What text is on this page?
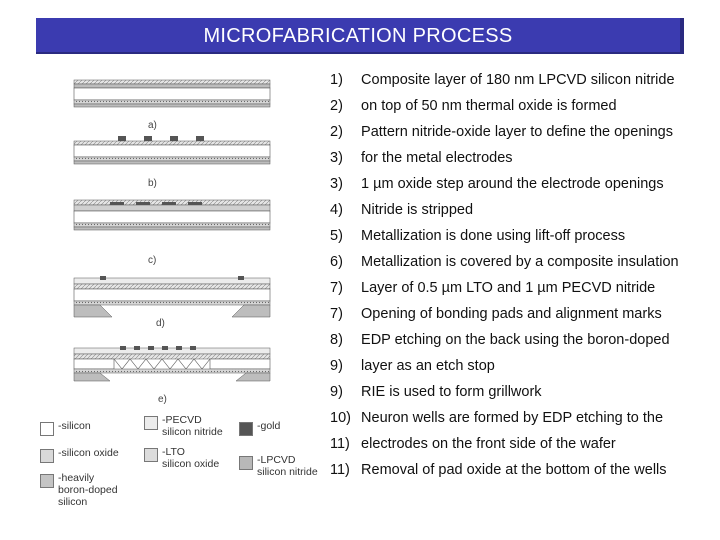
MICROFABRICATION PROCESS
1) Composite layer of 180 nm LPCVD silicon nitride
2) on top of 50 nm thermal oxide is formed
2) Pattern nitride-oxide layer to define the openings
3) for the metal electrodes
3) 1 µm oxide step around the electrode openings
4) Nitride is stripped
5) Metallization is done using lift-off process
6) Metallization is covered by a composite insulation
7) Layer of 0.5 µm LTO and 1 µm PECVD nitride
7) Opening of bonding pads and alignment marks
8) EDP etching on the back using the boron-doped
9) layer as an etch stop
9) RIE is used to form grillwork
10) Neuron wells are formed by EDP etching to the
11) electrodes on the front side of the wafer
11) Removal of pad oxide at the bottom of the wells
a)
b)
c)
d)
e)
-silicon
-silicon oxide
-heavily
boron-doped
silicon
-PECVD
silicon nitride
-LTO
silicon oxide
-gold
-LPCVD
silicon nitride
